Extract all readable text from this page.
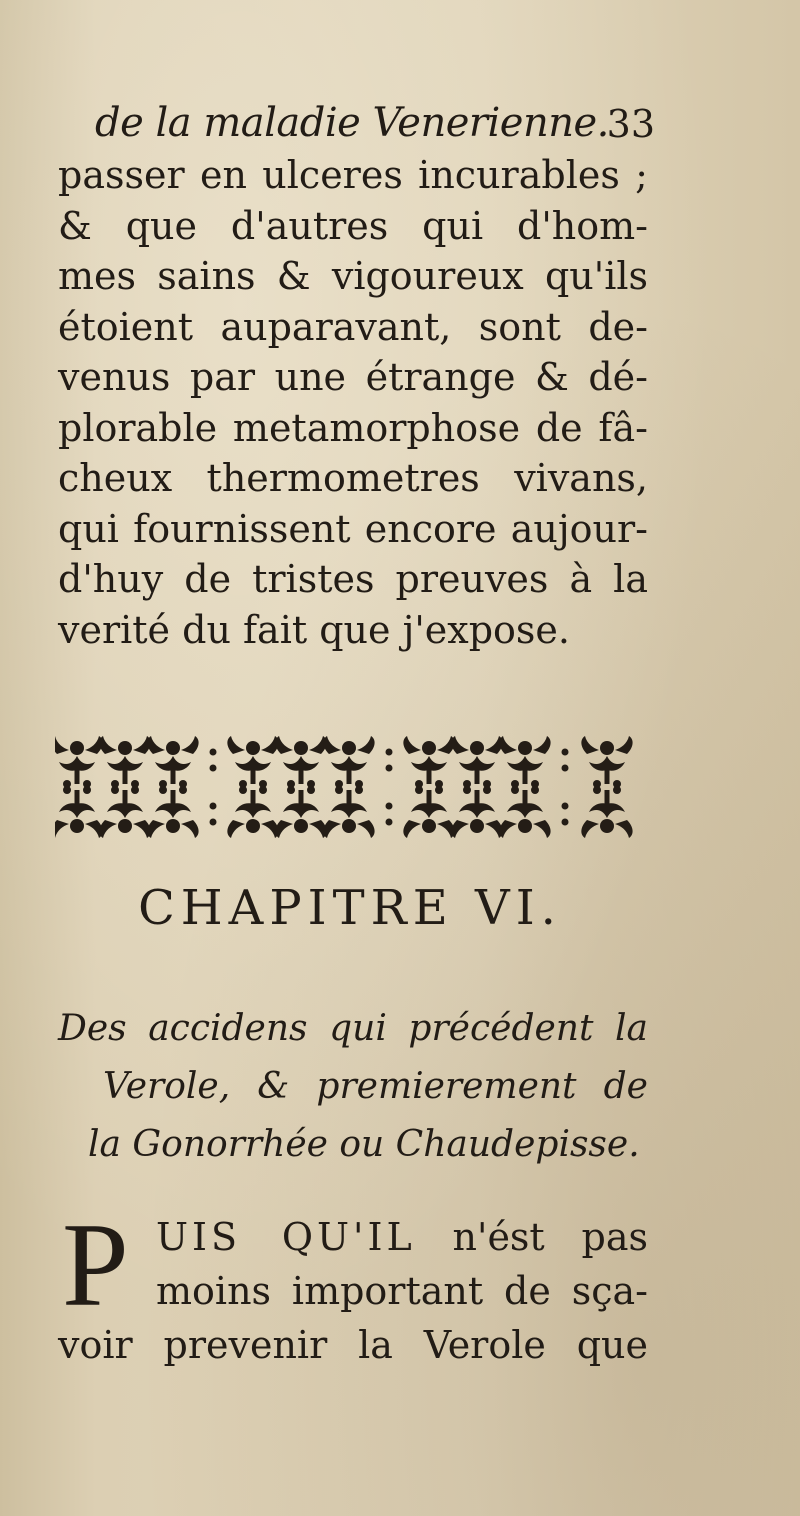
de la maladie Venerienne.
33
passer en ulceres incurables ;
& que d'autres qui d'hom-
mes sains & vigoureux qu'ils
étoient auparavant, sont de-
venus par une étrange & dé-
plorable metamorphose de fâ-
cheux thermometres vivans,
qui fournissent encore aujour-
d'huy de tristes preuves à la
verité du fait que j'expose.
CHAPITRE VI.
Des accidens qui précédent la
Verole, & premierement de
la Gonorrhée ou Chaudepisse.
P UIS QU'IL n'ést pas
moins important de sça-
voir prevenir la Verole que
